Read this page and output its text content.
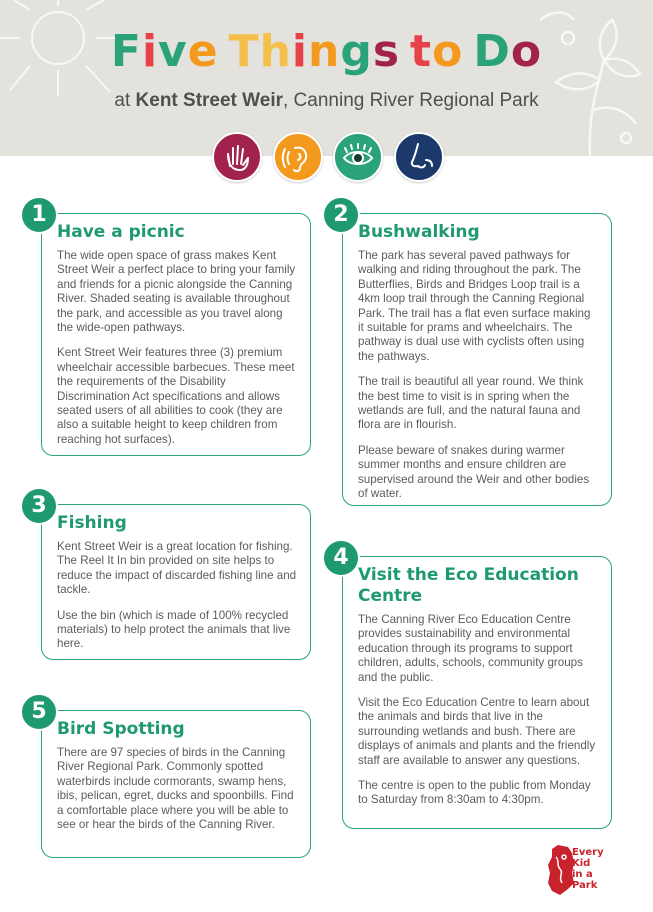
Five Things to Do

at Kent Street Weir, Canning River Regional Park

Have a picnic

The wide open space of grass makes Kent Street Weir a perfect place to bring your family and friends for a picnic alongside the Canning River. Shaded seating is available throughout the park, and accessible as you travel along the wide-open pathways.

Kent Street Weir features three (3) premium wheelchair accessible barbecues. These meet the requirements of the Disability Discrimination Act specifications and allows seated users of all abilities to cook (they are also a suitable height to keep children from reaching hot surfaces).

1
Bushwalking

The park has several paved pathways for walking and riding throughout the park. The Butterflies, Birds and Bridges Loop trail is a 4km loop trail through the Canning Regional Park. The trail has a flat even surface making it suitable for prams and wheelchairs. The pathway is dual use with cyclists often using the pathways.

The trail is beautiful all year round. We think the best time to visit is in spring when the wetlands are full, and the natural fauna and flora are in flourish.

Please beware of snakes during warmer summer months and ensure children are supervised around the Weir and other bodies of water.

2
Fishing

Kent Street Weir is a great location for fishing. The Reel It In bin provided on site helps to reduce the impact of discarded fishing line and tackle.

Use the bin (which is made of 100% recycled materials) to help protect the animals that live here.

3
Visit the Eco Education Centre

The Canning River Eco Education Centre provides sustainability and environmental education through its programs to support children, adults, schools, community groups and the public.

Visit the Eco Education Centre to learn about the animals and birds that live in the surrounding wetlands and bush. There are displays of animals and plants and the friendly staff are available to answer any questions.

The centre is open to the public from Monday to Saturday from 8:30am to 4:30pm.

4
Bird Spotting

There are 97 species of birds in the Canning River Regional Park. Commonly spotted waterbirds include cormorants, swamp hens, ibis, pelican, egret, ducks and spoonbills. Find a comfortable place where you will be able to see or hear the birds of the Canning River.

5
Every
Kid
in a
Park
